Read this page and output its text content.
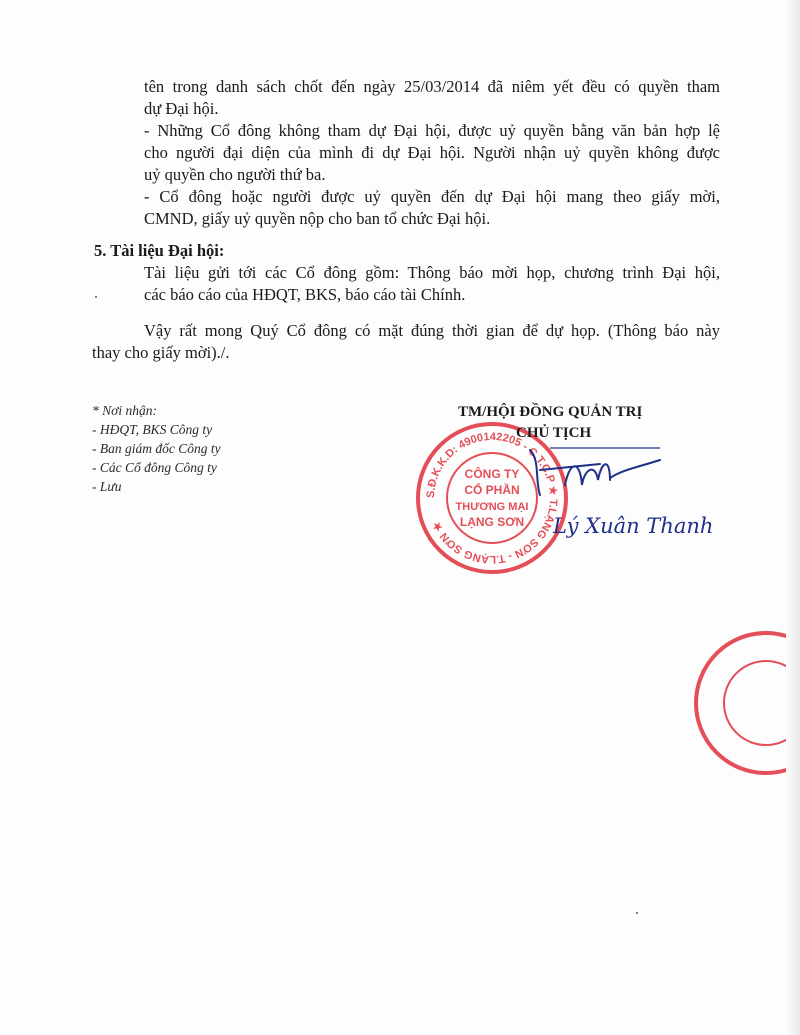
tên trong danh sách chốt đến ngày 25/03/2014 đã niêm yết đều có quyền tham

dự Đại hội.

- Những Cổ đông không tham dự Đại hội, được uỷ quyền bằng văn bản hợp lệ

cho người đại diện của mình đi dự Đại hội. Người nhận uỷ quyền không được

uỷ quyền cho người thứ ba.

- Cổ đông hoặc người được uỷ quyền đến dự Đại hội mang theo giấy mời,

CMND, giấy uỷ quyền nộp cho ban tổ chức Đại hội.

5. Tài liệu Đại hội:

Tài liệu gửi tới các Cổ đông gồm: Thông báo mời họp, chương trình Đại hội,

các báo cáo của HĐQT, BKS, báo cáo tài Chính.

Vậy rất mong Quý Cổ đông có mặt đúng thời gian để dự họp. (Thông báo này

thay cho giấy mời)./.

* Nơi nhận:
- HĐQT, BKS Công ty
- Ban giám đốc Công ty
- Các Cổ đông Công ty
- Lưu
S.Đ.K.K.D: 4900142205 - C.T.C.P ★ T.LẠNG SƠN - T.LẠNG SƠN ★
CÔNG TY
CỔ PHẦN
THƯƠNG MẠI
LẠNG SƠN
TM/HỘI ĐỒNG QUẢN TRỊ
CHỦ TỊCH
Lý Xuân Thanh
